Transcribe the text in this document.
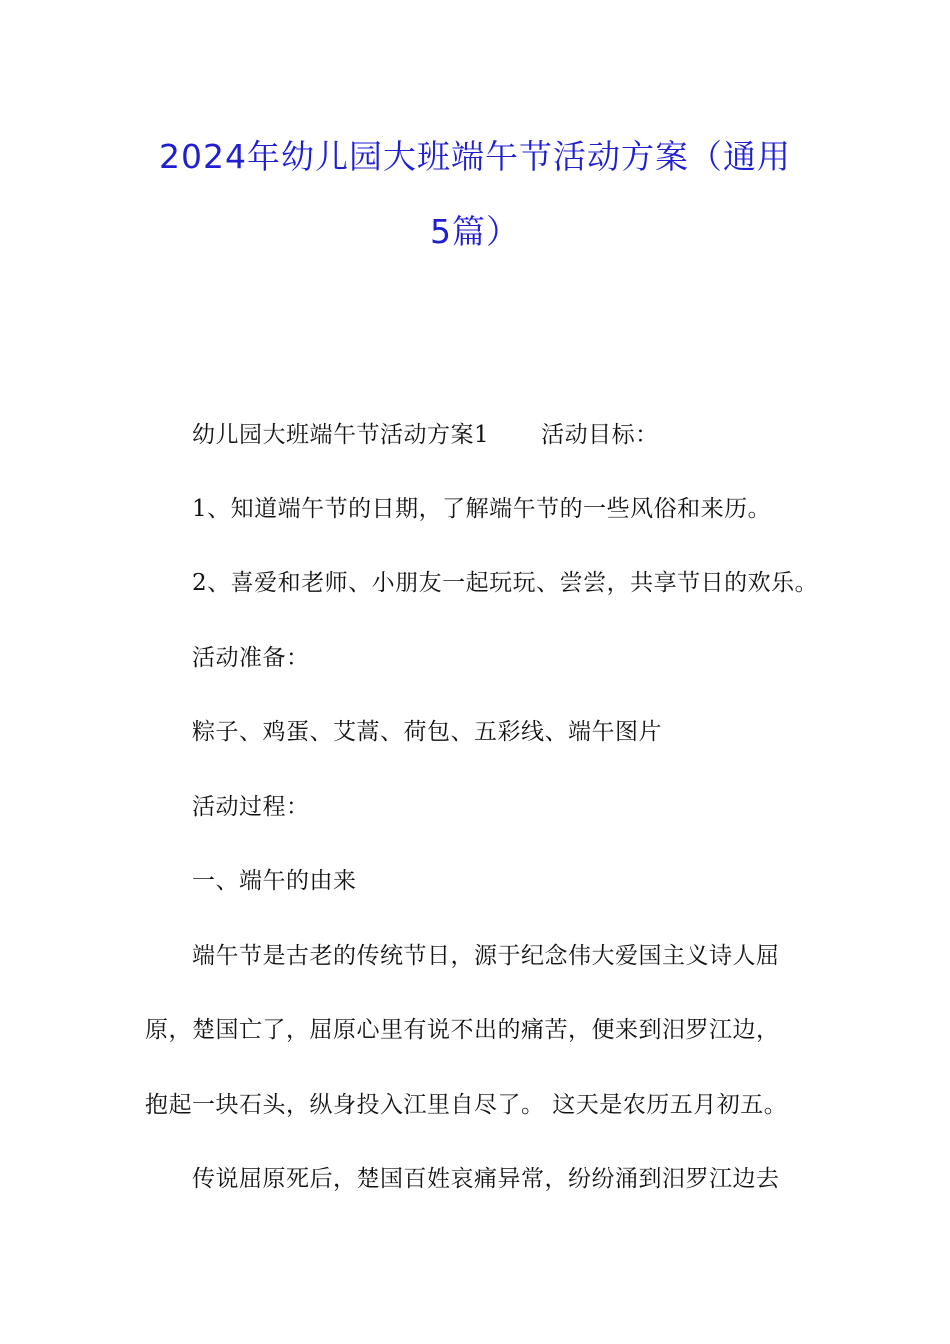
2024年幼儿园大班端午节活动方案（通用
5篇）
幼儿园大班端午节活动方案1 活动目标：
1、知道端午节的日期，了解端午节的一些风俗和来历。
2、喜爱和老师、小朋友一起玩玩、尝尝，共享节日的欢乐。
活动准备：
粽子、鸡蛋、艾蒿、荷包、五彩线、端午图片
活动过程：
一、端午的由来
端午节是古老的传统节日，源于纪念伟大爱国主义诗人屈
原，楚国亡了，屈原心里有说不出的痛苦，便来到汨罗江边，
抱起一块石头，纵身投入江里自尽了。 这天是农历五月初五。
传说屈原死后，楚国百姓哀痛异常，纷纷涌到汨罗江边去
